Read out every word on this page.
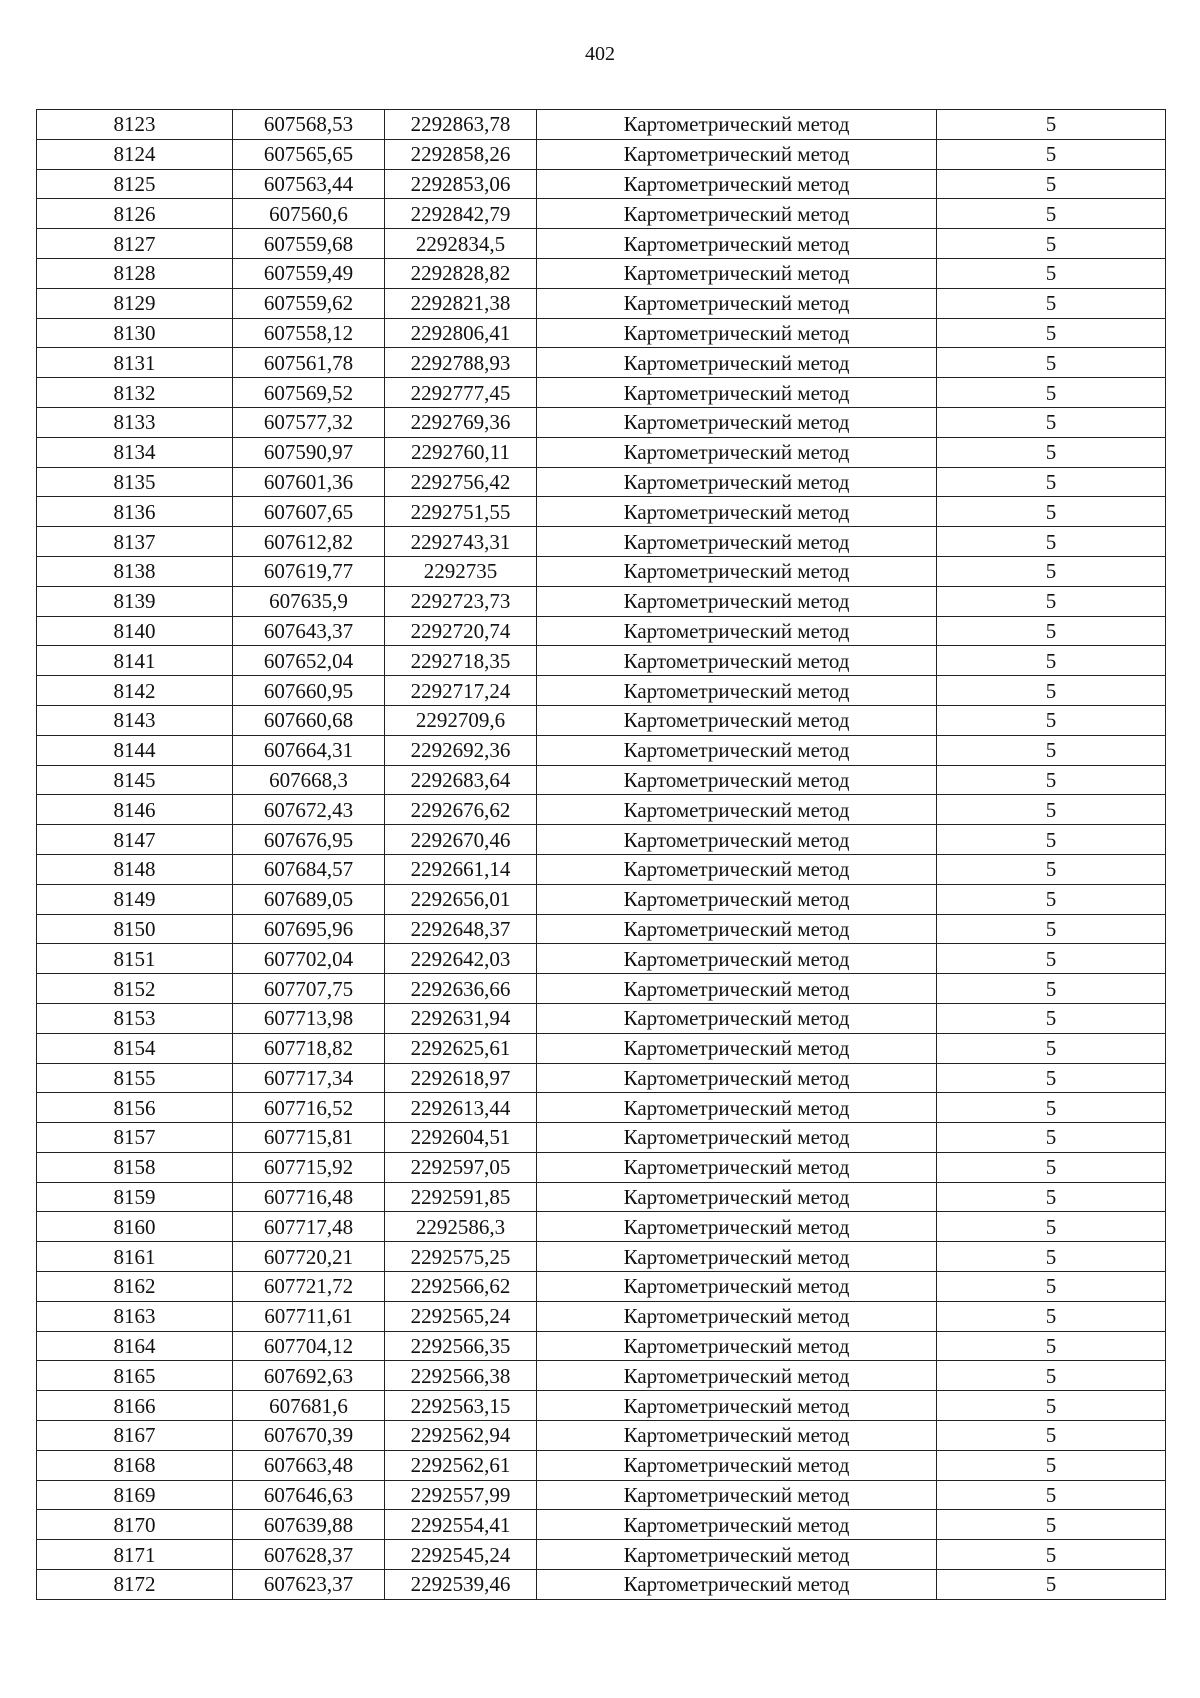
402
8123	607568,53	2292863,78	Картометрический метод	5
8124	607565,65	2292858,26	Картометрический метод	5
8125	607563,44	2292853,06	Картометрический метод	5
8126	607560,6	2292842,79	Картометрический метод	5
8127	607559,68	2292834,5	Картометрический метод	5
8128	607559,49	2292828,82	Картометрический метод	5
8129	607559,62	2292821,38	Картометрический метод	5
8130	607558,12	2292806,41	Картометрический метод	5
8131	607561,78	2292788,93	Картометрический метод	5
8132	607569,52	2292777,45	Картометрический метод	5
8133	607577,32	2292769,36	Картометрический метод	5
8134	607590,97	2292760,11	Картометрический метод	5
8135	607601,36	2292756,42	Картометрический метод	5
8136	607607,65	2292751,55	Картометрический метод	5
8137	607612,82	2292743,31	Картометрический метод	5
8138	607619,77	2292735	Картометрический метод	5
8139	607635,9	2292723,73	Картометрический метод	5
8140	607643,37	2292720,74	Картометрический метод	5
8141	607652,04	2292718,35	Картометрический метод	5
8142	607660,95	2292717,24	Картометрический метод	5
8143	607660,68	2292709,6	Картометрический метод	5
8144	607664,31	2292692,36	Картометрический метод	5
8145	607668,3	2292683,64	Картометрический метод	5
8146	607672,43	2292676,62	Картометрический метод	5
8147	607676,95	2292670,46	Картометрический метод	5
8148	607684,57	2292661,14	Картометрический метод	5
8149	607689,05	2292656,01	Картометрический метод	5
8150	607695,96	2292648,37	Картометрический метод	5
8151	607702,04	2292642,03	Картометрический метод	5
8152	607707,75	2292636,66	Картометрический метод	5
8153	607713,98	2292631,94	Картометрический метод	5
8154	607718,82	2292625,61	Картометрический метод	5
8155	607717,34	2292618,97	Картометрический метод	5
8156	607716,52	2292613,44	Картометрический метод	5
8157	607715,81	2292604,51	Картометрический метод	5
8158	607715,92	2292597,05	Картометрический метод	5
8159	607716,48	2292591,85	Картометрический метод	5
8160	607717,48	2292586,3	Картометрический метод	5
8161	607720,21	2292575,25	Картометрический метод	5
8162	607721,72	2292566,62	Картометрический метод	5
8163	607711,61	2292565,24	Картометрический метод	5
8164	607704,12	2292566,35	Картометрический метод	5
8165	607692,63	2292566,38	Картометрический метод	5
8166	607681,6	2292563,15	Картометрический метод	5
8167	607670,39	2292562,94	Картометрический метод	5
8168	607663,48	2292562,61	Картометрический метод	5
8169	607646,63	2292557,99	Картометрический метод	5
8170	607639,88	2292554,41	Картометрический метод	5
8171	607628,37	2292545,24	Картометрический метод	5
8172	607623,37	2292539,46	Картометрический метод	5
